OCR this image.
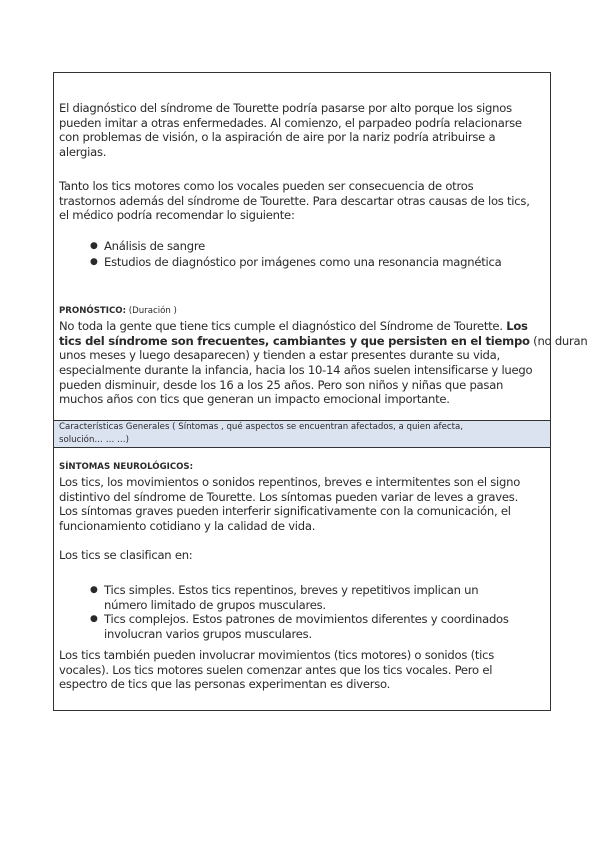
El diagnóstico del síndrome de Tourette podría pasarse por alto porque los signos
pueden imitar a otras enfermedades. Al comienzo, el parpadeo podría relacionarse
con problemas de visión, o la aspiración de aire por la nariz podría atribuirse a
alergias.
Tanto los tics motores como los vocales pueden ser consecuencia de otros
trastornos además del síndrome de Tourette. Para descartar otras causas de los tics,
el médico podría recomendar lo siguiente:
● Análisis de sangre
● Estudios de diagnóstico por imágenes como una resonancia magnética
PRONÓSTICO: (Duración )
No toda la gente que tiene tics cumple el diagnóstico del Síndrome de Tourette. Los
tics del síndrome son frecuentes, cambiantes y que persisten en el tiempo (no duran
unos meses y luego desaparecen) y tienden a estar presentes durante su vida,
especialmente durante la infancia, hacia los 10-14 años suelen intensificarse y luego
pueden disminuir, desde los 16 a los 25 años. Pero son niños y niñas que pasan
muchos años con tics que generan un impacto emocional importante.
Características Generales ( Síntomas , qué aspectos se encuentran afectados, a quien afecta,
solución… … …)
SÍNTOMAS NEUROLÓGICOS:
Los tics, los movimientos o sonidos repentinos, breves e intermitentes son el signo
distintivo del síndrome de Tourette. Los síntomas pueden variar de leves a graves.
Los síntomas graves pueden interferir significativamente con la comunicación, el
funcionamiento cotidiano y la calidad de vida.
Los tics se clasifican en:
● Tics simples. Estos tics repentinos, breves y repetitivos implican un
número limitado de grupos musculares.
● Tics complejos. Estos patrones de movimientos diferentes y coordinados
involucran varios grupos musculares.
Los tics también pueden involucrar movimientos (tics motores) o sonidos (tics
vocales). Los tics motores suelen comenzar antes que los tics vocales. Pero el
espectro de tics que las personas experimentan es diverso.
